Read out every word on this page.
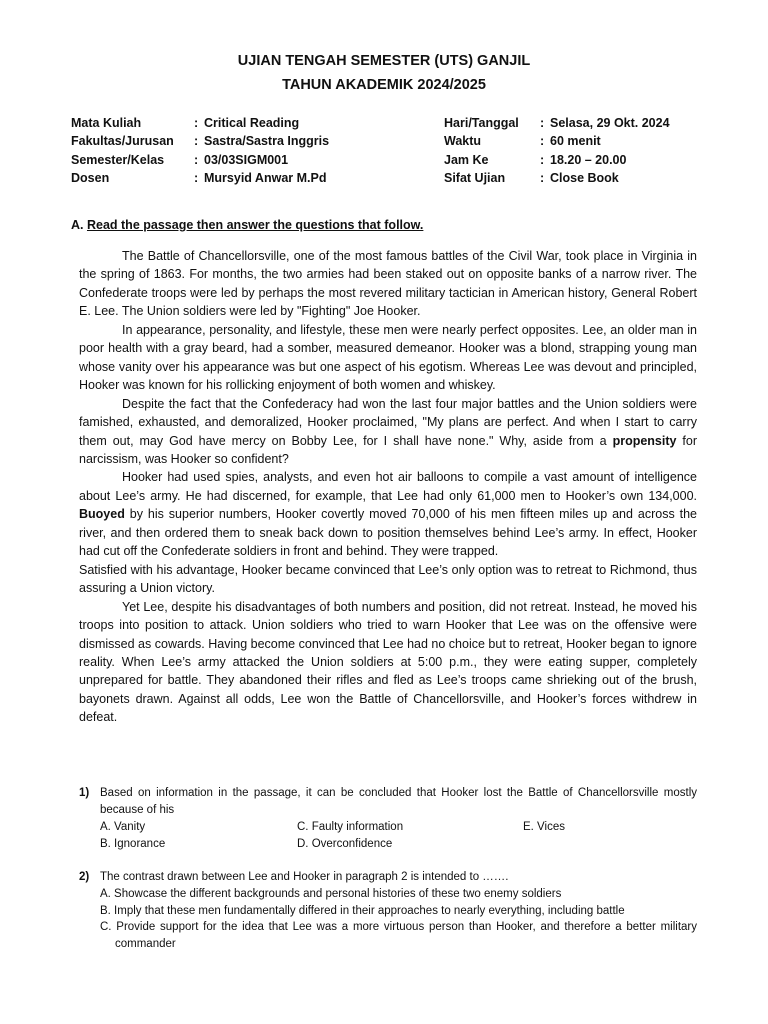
UJIAN TENGAH SEMESTER (UTS) GANJIL
TAHUN AKADEMIK 2024/2025
Mata Kuliah	: Critical Reading
Fakultas/Jurusan : Sastra/Sastra Inggris
Semester/Kelas : 03/03SIGM001
Dosen	: Mursyid Anwar M.Pd
Hari/Tanggal : Selasa, 29 Okt. 2024
Waktu	: 60 menit
Jam Ke	: 18.20 – 20.00
Sifat Ujian	: Close Book
A. Read the passage then answer the questions that follow.

The Battle of Chancellorsville, one of the most famous battles of the Civil War, took place in Virginia in the spring of 1863. For months, the two armies had been staked out on opposite banks of a narrow river. The Confederate troops were led by perhaps the most revered military tactician in American history, General Robert E. Lee. The Union soldiers were led by "Fighting" Joe Hooker.

In appearance, personality, and lifestyle, these men were nearly perfect opposites. Lee, an older man in poor health with a gray beard, had a somber, measured demeanor. Hooker was a blond, strapping young man whose vanity over his appearance was but one aspect of his egotism. Whereas Lee was devout and principled, Hooker was known for his rollicking enjoyment of both women and whiskey.

Despite the fact that the Confederacy had won the last four major battles and the Union soldiers were famished, exhausted, and demoralized, Hooker proclaimed, "My plans are perfect. And when I start to carry them out, may God have mercy on Bobby Lee, for I shall have none." Why, aside from a propensity for narcissism, was Hooker so confident?

Hooker had used spies, analysts, and even hot air balloons to compile a vast amount of intelligence about Lee’s army. He had discerned, for example, that Lee had only 61,000 men to Hooker’s own 134,000. Buoyed by his superior numbers, Hooker covertly moved 70,000 of his men fifteen miles up and across the river, and then ordered them to sneak back down to position themselves behind Lee’s army. In effect, Hooker had cut off the Confederate soldiers in front and behind. They were trapped.

Satisfied with his advantage, Hooker became convinced that Lee’s only option was to retreat to Richmond, thus assuring a Union victory.

Yet Lee, despite his disadvantages of both numbers and position, did not retreat. Instead, he moved his troops into position to attack. Union soldiers who tried to warn Hooker that Lee was on the offensive were dismissed as cowards. Having become convinced that Lee had no choice but to retreat, Hooker began to ignore reality. When Lee’s army attacked the Union soldiers at 5:00 p.m., they were eating supper, completely unprepared for battle. They abandoned their rifles and fled as Lee’s troops came shrieking out of the brush, bayonets drawn. Against all odds, Lee won the Battle of Chancellorsville, and Hooker’s forces withdrew in defeat.

1) Based on information in the passage, it can be concluded that Hooker lost the Battle of Chancellorsville mostly because of his
A. Vanity
B. Ignorance
C. Faulty information
D. Overconfidence
E. Vices
2) The contrast drawn between Lee and Hooker in paragraph 2 is intended to …….
A. Showcase the different backgrounds and personal histories of these two enemy soldiers
B. Imply that these men fundamentally differed in their approaches to nearly everything, including battle
C. Provide support for the idea that Lee was a more virtuous person than Hooker, and therefore a better military commander
